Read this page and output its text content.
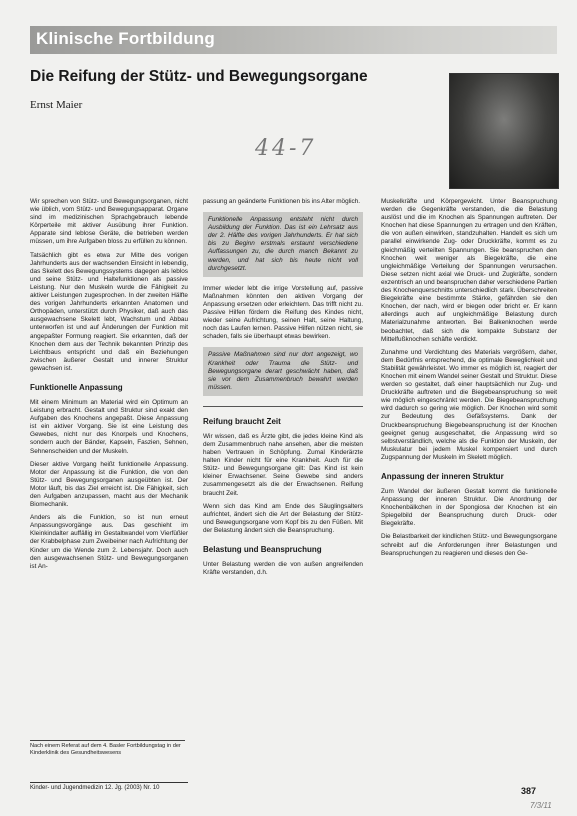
Klinische Fortbildung
Die Reifung der Stütz- und Bewegungsorgane
Ernst Maier
44-7

Wir sprechen von Stütz- und Bewegungsorganen, nicht wie üblich, vom Stütz- und Bewegungsapparat. Organe sind im medizinischen Sprachgebrauch lebende Körperteile mit aktiver Ausübung ihrer Funktion. Apparate sind leblose Geräte, die betrieben werden müssen, um ihre Aufgaben bloss zu erfüllen zu können.

Tatsächlich gibt es etwa zur Mitte des vorigen Jahrhunderts aus der wachsenden Einsicht in lebendig, das Skelett des Bewegungssystems dagegen als leblos und seine Stütz- und Haltefunktionen als passive Leistung. Nur den Muskeln wurde die Fähigkeit zu aktiver Leistungen zugesprochen. In der zweiten Hälfte des vorigen Jahrhunderts erkannten Anatomen und Orthopäden, unterstützt durch Physiker, daß auch das ausgewachsene Skelett lebt, Wachstum und Abbau unterworfen ist und auf Änderungen der Funktion mit angepaßter Formung reagiert. Sie erkannten, daß der Knochen dem aus der Technik bekannten Prinzip des Leichtbaus entspricht und daß ein Beziehungen zwischen äußerer Gestalt und innerer Struktur gewachsen ist.

Funktionelle Anpassung

Mit einem Minimum an Material wird ein Optimum an Leistung erbracht. Gestalt und Struktur sind exakt den Aufgaben des Knochens angepaßt. Diese Anpassung ist ein aktiver Vorgang. Sie ist eine Leistung des Gewebes, nicht nur des Knorpels und Knochens, sondern auch der Bänder, Kapseln, Faszien, Sehnen, Sehnenscheiden und der Muskeln.

Dieser aktive Vorgang heißt funktionelle Anpassung. Motor der Anpassung ist die Funktion, die von den Stütz- und Bewegungsorganen ausgeübten ist. Der Motor läuft, bis das Ziel erreicht ist. Die Fähigkeit, sich den Aufgaben anzupassen, macht aus der Mechanik Biomechanik.

Anders als die Funktion, so ist nun erneut Anpassungsvorgänge aus. Das geschieht im Kleinkindalter auffällig im Gestaltwandel vom Vierfüßler der Krabbelphase zum Zweibeiner nach Aufrichtung der Kinder um die Wende zum 2. Lebensjahr. Doch auch den ausgewachsenen Stütz- und Bewegungsorganen ist An-

passung an geänderte Funktionen bis ins Alter möglich.

Funktionelle Anpassung entsteht nicht durch Ausbildung der Funktion. Das ist ein Lehrsatz aus der 2. Hälfte des vorigen Jahrhunderts. Er hat sich bis zu Beginn erstmals erstaunt verschiedene Auffassungen zu, die durch manch Bekannt zu werden, und hat sich bis heute nicht voll durchgesetzt.

Immer wieder lebt die irrige Vorstellung auf, passive Maßnahmen könnten den aktiven Vorgang der Anpassung ersetzen oder erleichtern. Das trifft nicht zu. Passive Hilfen fördern die Reifung des Kindes nicht, wieder seine Aufrichtung, seinen Halt, seine Haltung, noch das Laufen lernen. Passive Hilfen nützen nicht, sie schaden, falls sie überhaupt etwas bewirken.

Passive Maßnahmen sind nur dort angezeigt, wo Krankheit oder Trauma die Stütz- und Bewegungsorgane derart geschwächt haben, daß sie vor dem Zusammenbruch bewahrt werden müssen.
Reifung braucht Zeit

Wir wissen, daß es Ärzte gibt, die jedes kleine Kind als dem Zusammenbruch nahe ansehen, aber die meisten haben Vertrauen in Schöpfung. Zumal Kinderärzte halten Kinder nicht für eine Krankheit. Auch für die Stütz- und Bewegungsorgane gilt: Das Kind ist kein kleiner Erwachsener. Seine Gewebe sind anders zusammengesetzt als die der Erwachsenen. Reifung braucht Zeit.

Wenn sich das Kind am Ende des Säuglingsalters aufrichtet, ändert sich die Art der Belastung der Stütz- und Bewegungsorgane vom Kopf bis zu den Füßen. Mit der Belastung ändert sich die Beanspruchung.

Belastung und Beanspruchung

Unter Belastung werden die von außen angreifenden Kräfte verstanden, d.h.

Muskelkräfte und Körpergewicht. Unter Beanspruchung werden die Gegenkräfte verstanden, die die Belastung auslöst und die im Knochen als Spannungen auftreten. Der Knochen hat diese Spannungen zu ertragen und den Kräften, die von außen einwirken, standzuhalten. Handelt es sich um parallel einwirkende Zug- oder Druckkräfte, kommt es zu gleichmäßig verteilten Spannungen. Sie beanspruchen den Knochen weit weniger als Biegekräfte, die eine ungleichmäßige Verteilung der Spannungen verursachen. Diese setzen nicht axial wie Druck- und Zugkräfte, sondern exzentrisch an und beanspruchen daher verschiedene Partien des Knochenquerschnitts unterschiedlich stark. Überschreiten Biegekräfte eine bestimmte Stärke, gefährden sie den Knochen, der nach, wird er biegen oder bricht er. Er kann allerdings auch auf ungleichmäßige Belastung durch Materialzunahme antworten. Bei Balkenknochen werde beobachtet, daß sich die kompakte Substanz der Mittelfußknochen schäfte verdickt.

Zunahme und Verdichtung des Materials vergrößern, daher, dem Bedürfnis entsprechend, die optimale Beweglichkeit und Stabilität gewährleistet. Wo immer es möglich ist, reagiert der Knochen mit einem Wandel seiner Gestalt und Struktur. Diese werden so gestaltet, daß einer hauptsächlich nur Zug- und Druckkräfte auftreten und die Biegebeanspruchung so weit wie möglich eingeschränkt werden. Die Biegebeanspruchung wird dadurch so gering wie möglich. Der Knochen wird somit zur Bedeutung des Gefäßsystems. Dank der Druckbeanspruchung Biegebeanspruchung ist der Knochen geeignet genug ausgeschaltet, die Anpassung wird so selbstverständlich, welche als die Funktion der Muskeln, der Muskulatur bei jedem Muskel kompensiert und durch Zugspannung der Muskeln im Skelett möglich.

Anpassung der inneren Struktur

Zum Wandel der äußeren Gestalt kommt die funktionelle Anpassung der inneren Struktur. Die Anordnung der Knochenbälkchen in der Spongiosa der Knochen ist ein Spiegelbild der Beanspruchung durch Druck- oder Biegekräfte.

Die Belastbarkeit der kindlichen Stütz- und Bewegungsorgane schreibt auf die Anforderungen ihrer Belastungen und Beanspruchungen zu reagieren und dieses den Ge-

Nach einem Referat auf dem 4. Basler Fortbildungstag in der Kinderklinik des Gesundheitswesens
Kinder- und Jugendmedizin 12. Jg. (2003) Nr. 10	387
7/3/11
